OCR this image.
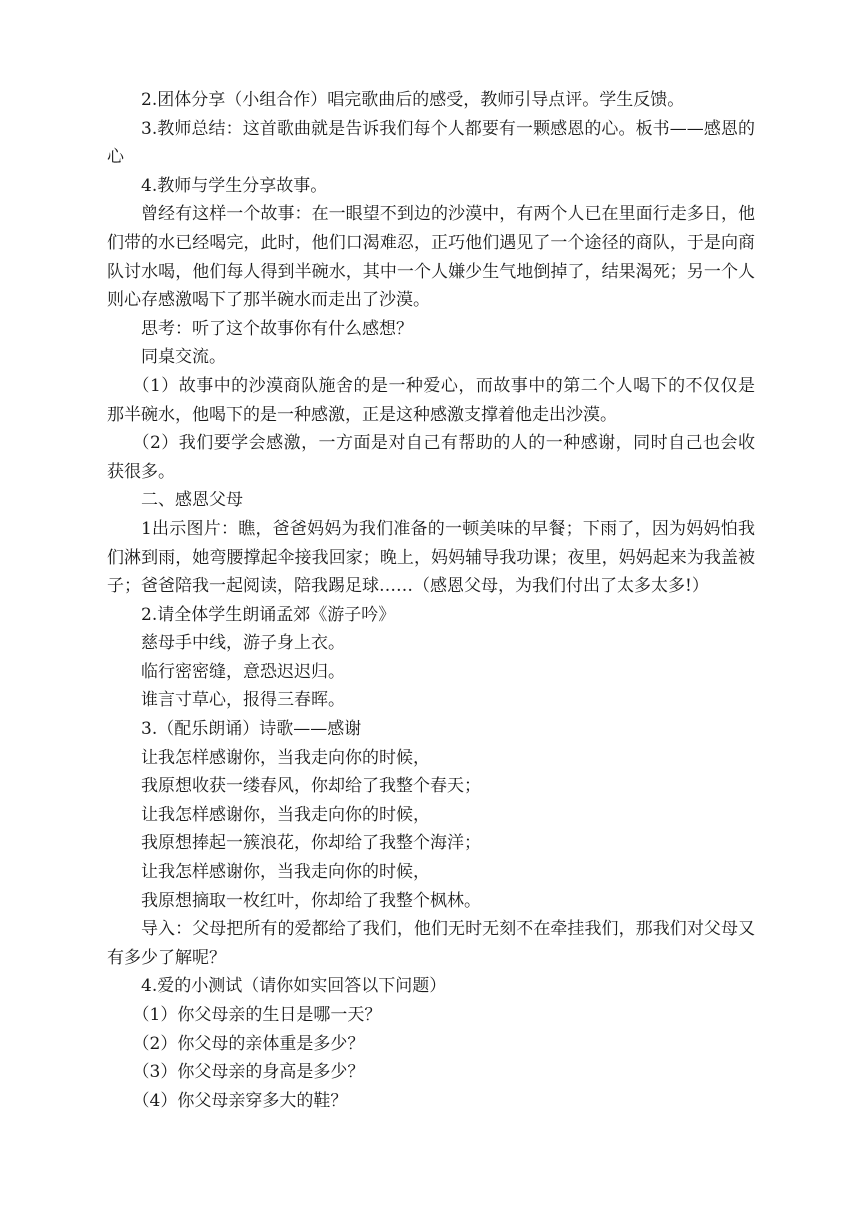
2.团体分享（小组合作）唱完歌曲后的感受，教师引导点评。学生反馈。

3.教师总结：这首歌曲就是告诉我们每个人都要有一颗感恩的心。板书——感恩的心

4.教师与学生分享故事。

曾经有这样一个故事：在一眼望不到边的沙漠中，有两个人已在里面行走多日，他们带的水已经喝完，此时，他们口渴难忍，正巧他们遇见了一个途径的商队，于是向商队讨水喝，他们每人得到半碗水，其中一个人嫌少生气地倒掉了，结果渴死；另一个人则心存感激喝下了那半碗水而走出了沙漠。

思考：听了这个故事你有什么感想？

同桌交流。

（1）故事中的沙漠商队施舍的是一种爱心，而故事中的第二个人喝下的不仅仅是那半碗水，他喝下的是一种感激，正是这种感激支撑着他走出沙漠。

（2）我们要学会感激，一方面是对自己有帮助的人的一种感谢，同时自己也会收获很多。

二、感恩父母

1出示图片：瞧，爸爸妈妈为我们准备的一顿美味的早餐；下雨了，因为妈妈怕我们淋到雨，她弯腰撑起伞接我回家；晚上，妈妈辅导我功课；夜里，妈妈起来为我盖被子；爸爸陪我一起阅读，陪我踢足球……（感恩父母，为我们付出了太多太多!）

2.请全体学生朗诵孟郊《游子吟》

慈母手中线，游子身上衣。

临行密密缝，意恐迟迟归。

谁言寸草心，报得三春晖。

3.（配乐朗诵）诗歌——感谢

让我怎样感谢你，当我走向你的时候，

我原想收获一缕春风，你却给了我整个春天；

让我怎样感谢你，当我走向你的时候，

我原想捧起一簇浪花，你却给了我整个海洋；

让我怎样感谢你，当我走向你的时候，

我原想摘取一枚红叶，你却给了我整个枫林。

导入：父母把所有的爱都给了我们，他们无时无刻不在牵挂我们，那我们对父母又有多少了解呢？

4.爱的小测试（请你如实回答以下问题）

（1）你父母亲的生日是哪一天？

（2）你父母的亲体重是多少？

（3）你父母亲的身高是多少？

（4）你父母亲穿多大的鞋？
